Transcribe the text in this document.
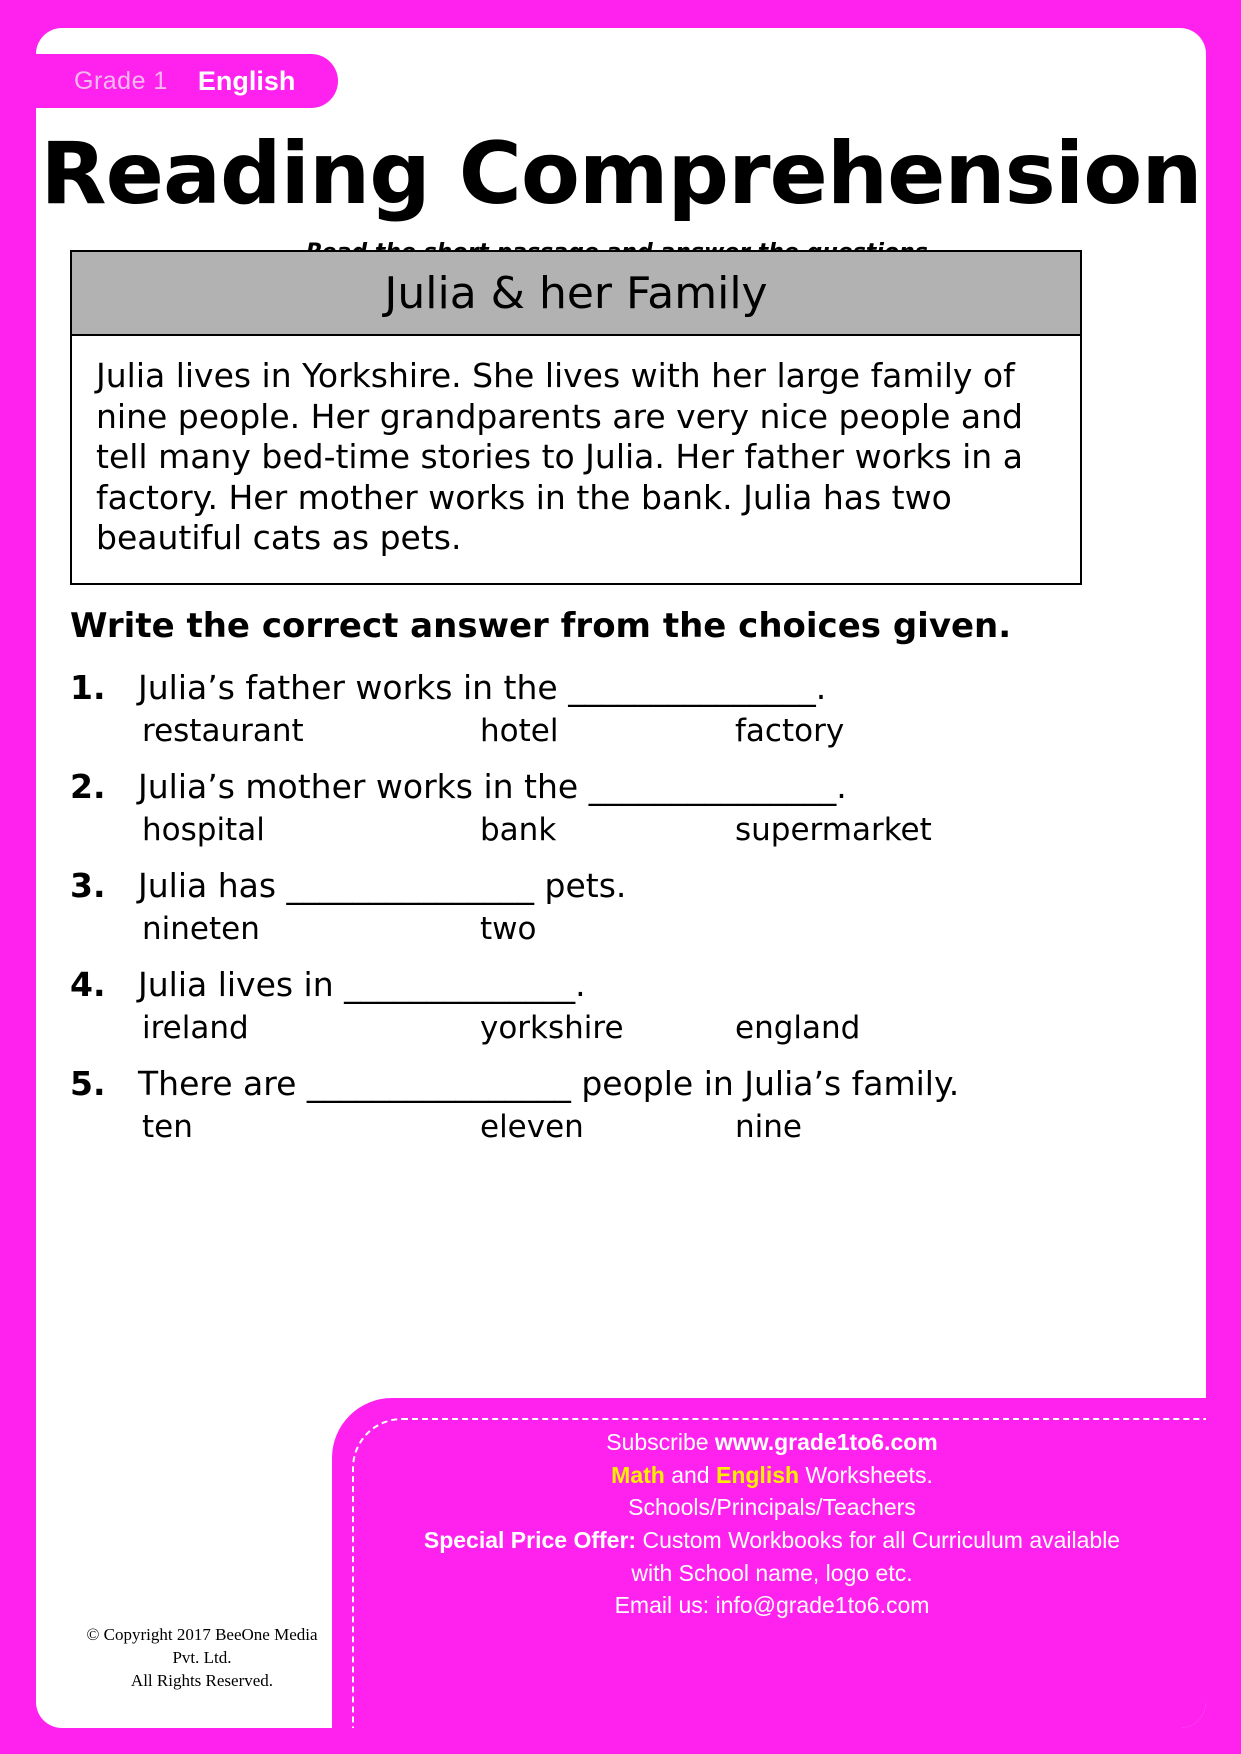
Grade 1 English
Reading Comprehension
Julia & her Family
Julia lives in Yorkshire. She lives with her large family of nine people. Her grandparents are very nice people and tell many bed-time stories to Julia. Her father works in a factory. Her mother works in the bank. Julia has two beautiful cats as pets.
Write the correct answer from the choices given.
1. Julia’s father works in the _______________.
restaurant	hotel	factory
2. Julia’s mother works in the _______________.
hospital	bank	supermarket
3. Julia has _______________ pets.
nineten	two
4. Julia lives in ______________.
ireland	yorkshire	england
5. There are ________________ people in Julia’s family.
ten	eleven	nine
Subscribe www.grade1to6.com
Math and English Worksheets.
Schools/Principals/Teachers
Special Price Offer: Custom Workbooks for all Curriculum available
with School name, logo etc.
Email us: info@grade1to6.com
© Copyright 2017 BeeOne Media Pvt. Ltd.
All Rights Reserved.
